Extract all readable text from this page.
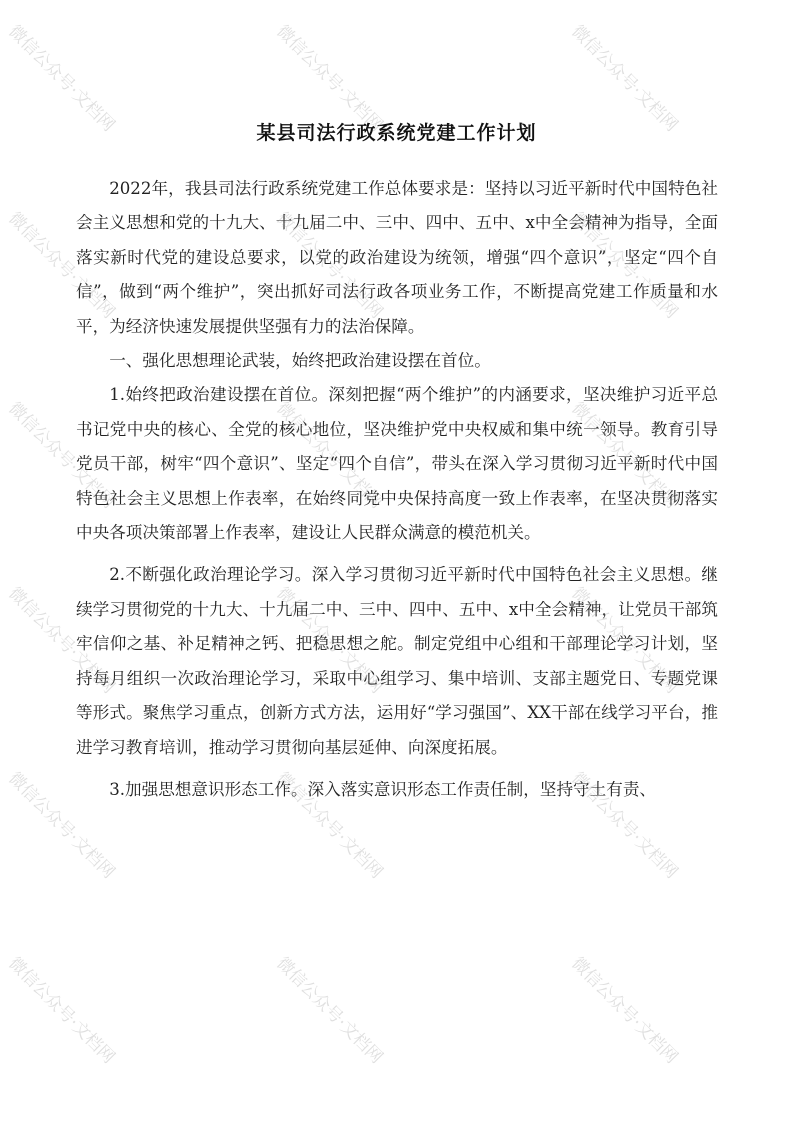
某县司法行政系统党建工作计划

2022年，我县司法行政系统党建工作总体要求是：坚持以习近平新时代中国特色社会主义思想和党的十九大、十九届二中、三中、四中、五中、x中全会精神为指导，全面落实新时代党的建设总要求，以党的政治建设为统领，增强“四个意识”，坚定“四个自信”，做到“两个维护”，突出抓好司法行政各项业务工作，不断提高党建工作质量和水平，为经济快速发展提供坚强有力的法治保障。

一、强化思想理论武装，始终把政治建设摆在首位。

1.始终把政治建设摆在首位。深刻把握“两个维护”的内涵要求，坚决维护习近平总书记党中央的核心、全党的核心地位，坚决维护党中央权威和集中统一领导。教育引导党员干部，树牢“四个意识”、坚定“四个自信”，带头在深入学习贯彻习近平新时代中国特色社会主义思想上作表率，在始终同党中央保持高度一致上作表率，在坚决贯彻落实中央各项决策部署上作表率，建设让人民群众满意的模范机关。

2.不断强化政治理论学习。深入学习贯彻习近平新时代中国特色社会主义思想。继续学习贯彻党的十九大、十九届二中、三中、四中、五中、x中全会精神，让党员干部筑牢信仰之基、补足精神之钙、把稳思想之舵。制定党组中心组和干部理论学习计划，坚持每月组织一次政治理论学习，采取中心组学习、集中培训、支部主题党日、专题党课等形式。聚焦学习重点，创新方式方法，运用好“学习强国”、XX干部在线学习平台，推进学习教育培训，推动学习贯彻向基层延伸、向深度拓展。

3.加强思想意识形态工作。深入落实意识形态工作责任制，坚持守土有责、

微信公众号·文档网	微信公众号·文档网	微信公众号·文档网
微信公众号·文档网	微信公众号·文档网	微信公众号·文档网
微信公众号·文档网	微信公众号·文档网	微信公众号·文档网
微信公众号·文档网	微信公众号·文档网	微信公众号·文档网
微信公众号·文档网	微信公众号·文档网	微信公众号·文档网
微信公众号·文档网	微信公众号·文档网	微信公众号·文档网
